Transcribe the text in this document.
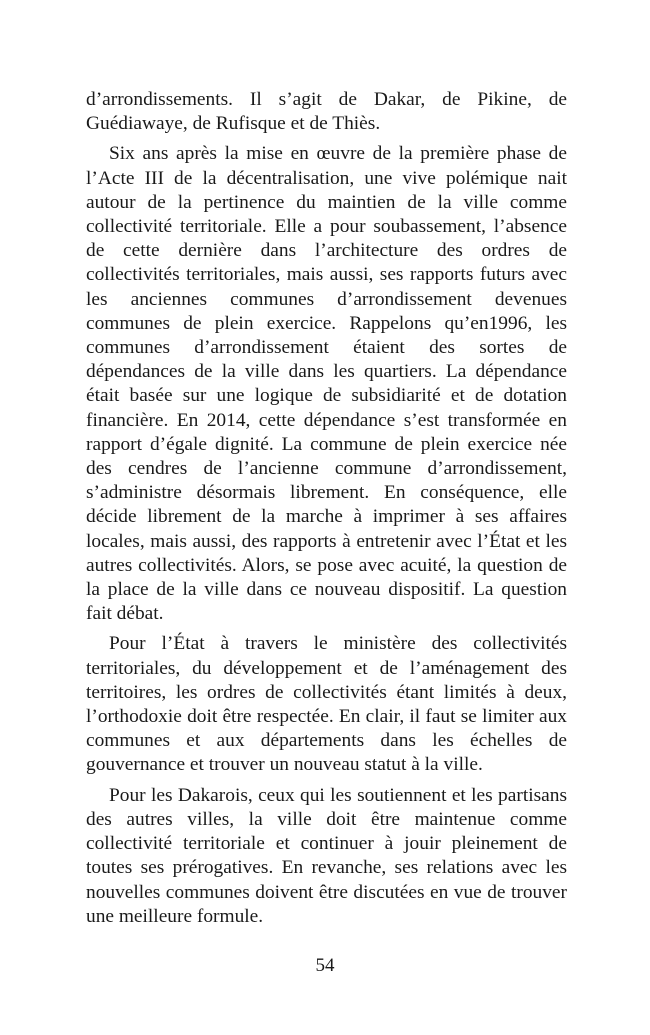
d’arrondissements. Il s’agit de Dakar, de Pikine, de Guédiawaye, de Rufisque et de Thiès.

Six ans après la mise en œuvre de la première phase de l’Acte III de la décentralisation, une vive polémique nait autour de la pertinence du maintien de la ville comme collectivité territoriale. Elle a pour soubassement, l’absence de cette dernière dans l’architecture des ordres de collectivités territoriales, mais aussi, ses rapports futurs avec les anciennes communes d’arrondissement devenues communes de plein exercice. Rappelons qu’en1996, les communes d’arrondissement étaient des sortes de dépendances de la ville dans les quartiers. La dépendance était basée sur une logique de subsidiarité et de dotation financière. En 2014, cette dépendance s’est transformée en rapport d’égale dignité. La commune de plein exercice née des cendres de l’ancienne commune d’arrondissement, s’administre désormais librement. En conséquence, elle décide librement de la marche à imprimer à ses affaires locales, mais aussi, des rapports à entretenir avec l’État et les autres collectivités. Alors, se pose avec acuité, la question de la place de la ville dans ce nouveau dispositif. La question fait débat.

Pour l’État à travers le ministère des collectivités territoriales, du développement et de l’aménagement des territoires, les ordres de collectivités étant limités à deux, l’orthodoxie doit être respectée. En clair, il faut se limiter aux communes et aux départements dans les échelles de gouvernance et trouver un nouveau statut à la ville.

Pour les Dakarois, ceux qui les soutiennent et les partisans des autres villes, la ville doit être maintenue comme collectivité territoriale et continuer à jouir pleinement de toutes ses prérogatives. En revanche, ses relations avec les nouvelles communes doivent être discutées en vue de trouver une meilleure formule.

54
